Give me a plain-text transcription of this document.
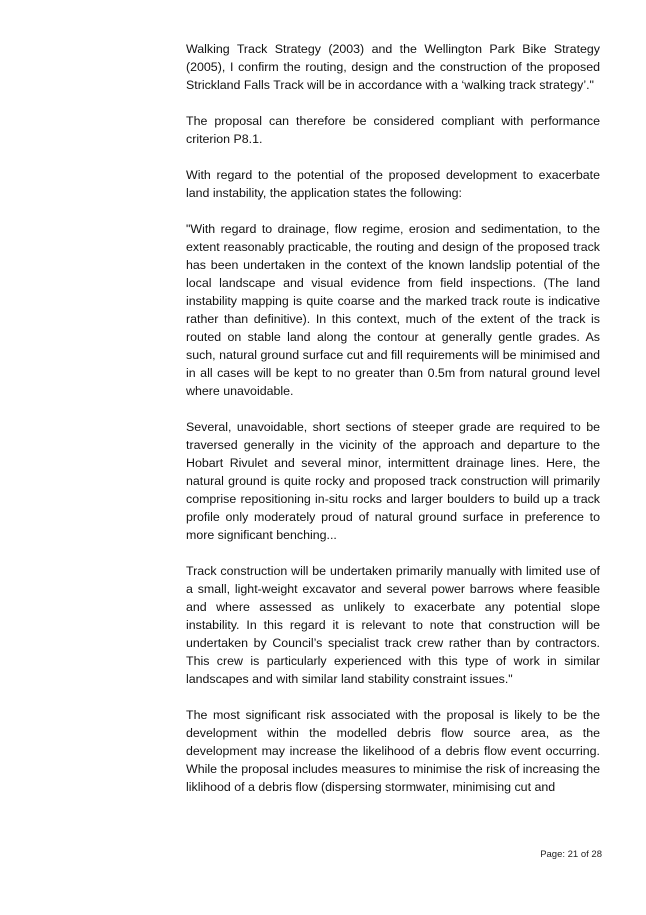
Walking Track Strategy (2003) and the Wellington Park Bike Strategy (2005), I confirm the routing, design and the construction of the proposed Strickland Falls Track will be in accordance with a ‘walking track strategy’."

The proposal can therefore be considered compliant with performance criterion P8.1.

With regard to the potential of the proposed development to exacerbate land instability, the application states the following:

"With regard to drainage, flow regime, erosion and sedimentation, to the extent reasonably practicable, the routing and design of the proposed track has been undertaken in the context of the known landslip potential of the local landscape and visual evidence from field inspections. (The land instability mapping is quite coarse and the marked track route is indicative rather than definitive). In this context, much of the extent of the track is routed on stable land along the contour at generally gentle grades. As such, natural ground surface cut and fill requirements will be minimised and in all cases will be kept to no greater than 0.5m from natural ground level where unavoidable.

Several, unavoidable, short sections of steeper grade are required to be traversed generally in the vicinity of the approach and departure to the Hobart Rivulet and several minor, intermittent drainage lines. Here, the natural ground is quite rocky and proposed track construction will primarily comprise repositioning in-situ rocks and larger boulders to build up a track profile only moderately proud of natural ground surface in preference to more significant benching...

Track construction will be undertaken primarily manually with limited use of a small, light-weight excavator and several power barrows where feasible and where assessed as unlikely to exacerbate any potential slope instability. In this regard it is relevant to note that construction will be undertaken by Council’s specialist track crew rather than by contractors. This crew is particularly experienced with this type of work in similar landscapes and with similar land stability constraint issues."

The most significant risk associated with the proposal is likely to be the development within the modelled debris flow source area, as the development may increase the likelihood of a debris flow event occurring. While the proposal includes measures to minimise the risk of increasing the liklihood of a debris flow (dispersing stormwater, minimising cut and

Page: 21 of 28
